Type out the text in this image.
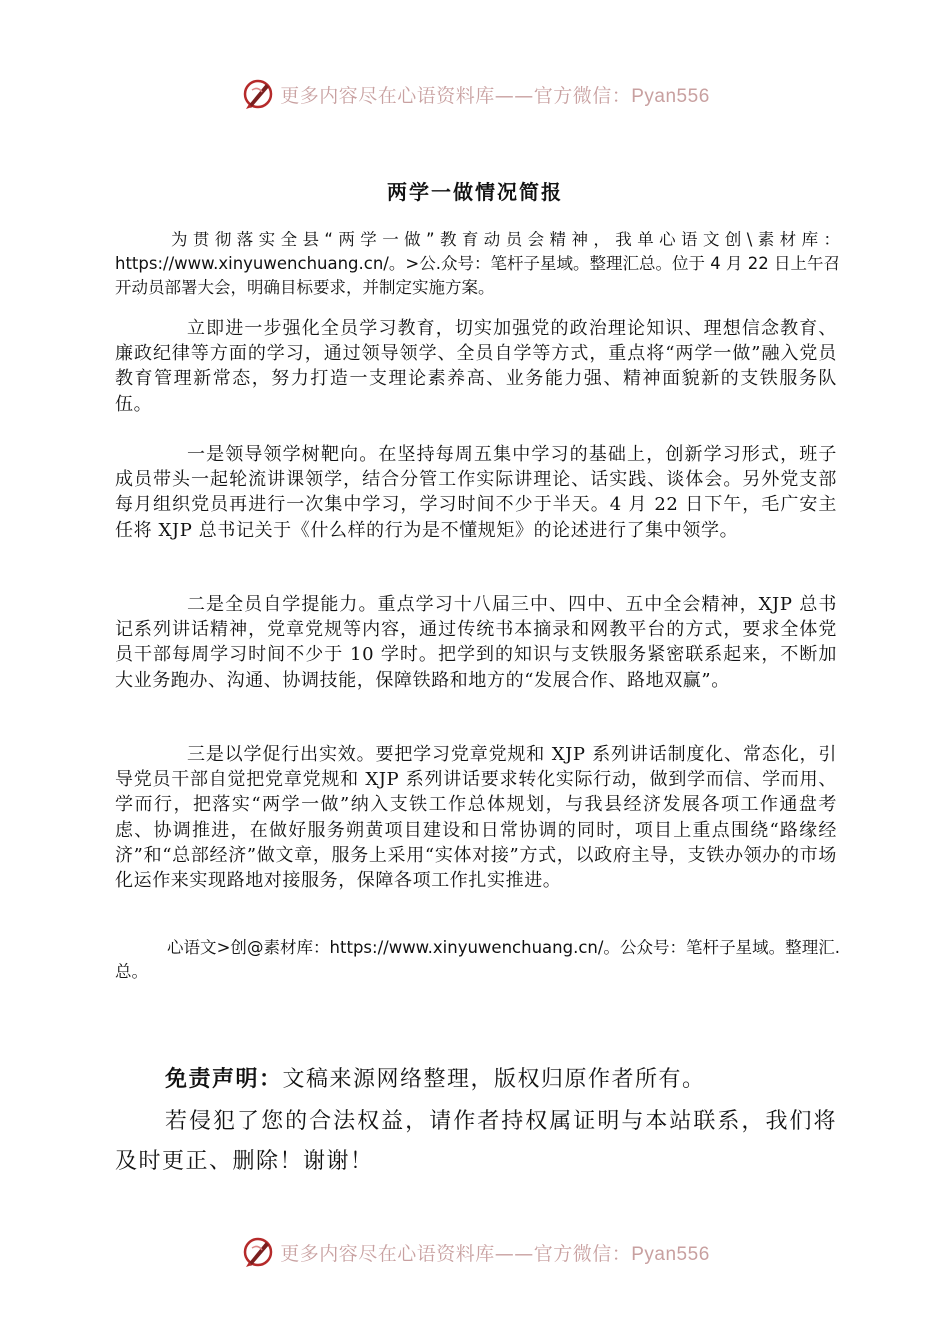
更多内容尽在心语资料库——官方微信：Pyan556
两学一做情况简报
为贯彻落实全县“两学一做”教育动员会精神，我单心语文创\素材库：https://www.xinyuwenchuang.cn/。>公.众号：笔杆子星域。整理汇总。位于 4 月 22 日上午召开动员部署大会，明确目标要求，并制定实施方案。
立即进一步强化全员学习教育，切实加强党的政治理论知识、理想信念教育、廉政纪律等方面的学习，通过领导领学、全员自学等方式，重点将“两学一做”融入党员教育管理新常态，努力打造一支理论素养高、业务能力强、精神面貌新的支铁服务队伍。
一是领导领学树靶向。在坚持每周五集中学习的基础上，创新学习形式，班子成员带头一起轮流讲课领学，结合分管工作实际讲理论、话实践、谈体会。另外党支部每月组织党员再进行一次集中学习，学习时间不少于半天。4 月 22 日下午，毛广安主任将 XJP 总书记关于《什么样的行为是不懂规矩》的论述进行了集中领学。
二是全员自学提能力。重点学习十八届三中、四中、五中全会精神，XJP 总书记系列讲话精神，党章党规等内容，通过传统书本摘录和网教平台的方式，要求全体党员干部每周学习时间不少于 10 学时。把学到的知识与支铁服务紧密联系起来，不断加大业务跑办、沟通、协调技能，保障铁路和地方的“发展合作、路地双赢”。
三是以学促行出实效。要把学习党章党规和 XJP 系列讲话制度化、常态化，引导党员干部自觉把党章党规和 XJP 系列讲话要求转化实际行动，做到学而信、学而用、学而行，把落实“两学一做”纳入支铁工作总体规划，与我县经济发展各项工作通盘考虑、协调推进，在做好服务朔黄项目建设和日常协调的同时，项目上重点围绕“路缘经济”和“总部经济”做文章，服务上采用“实体对接”方式，以政府主导，支铁办领办的市场化运作来实现路地对接服务，保障各项工作扎实推进。
心语文>创@素材库：https://www.xinyuwenchuang.cn/。公众号：笔杆子星域。整理汇.总。
免责声明：文稿来源网络整理，版权归原作者所有。
若侵犯了您的合法权益，请作者持权属证明与本站联系，我们将及时更正、删除！谢谢！
更多内容尽在心语资料库——官方微信：Pyan556
